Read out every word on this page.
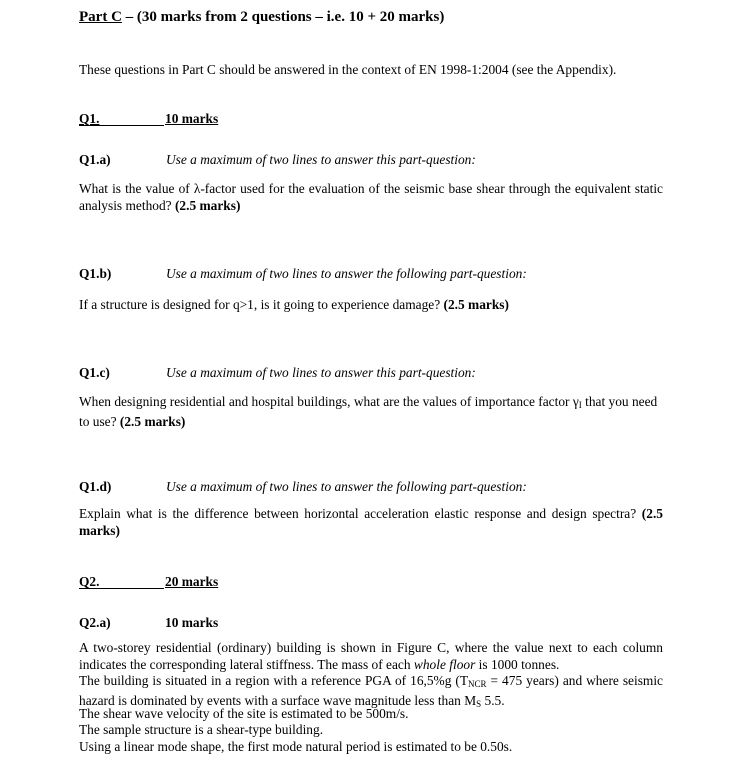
Part C – (30 marks from 2 questions – i.e. 10 + 20 marks)
These questions in Part C should be answered in the context of EN 1998-1:2004 (see the Appendix).
Q1.	10 marks
Q1.a)	Use a maximum of two lines to answer this part-question:
What is the value of λ-factor used for the evaluation of the seismic base shear through the equivalent static analysis method? (2.5 marks)
Q1.b)	Use a maximum of two lines to answer the following part-question:
If a structure is designed for q>1, is it going to experience damage? (2.5 marks)
Q1.c)	Use a maximum of two lines to answer this part-question:
When designing residential and hospital buildings, what are the values of importance factor $\gamma_I$ that you need to use? (2.5 marks)
Q1.d)	Use a maximum of two lines to answer the following part-question:
Explain what is the difference between horizontal acceleration elastic response and design spectra? (2.5 marks)
Q2.	20 marks
Q2.a)	10 marks
A two-storey residential (ordinary) building is shown in Figure C, where the value next to each column indicates the corresponding lateral stiffness. The mass of each whole floor is 1000 tonnes.
The building is situated in a region with a reference PGA of 16,5%g ($T_{NCR} = 475$ years) and where seismic hazard is dominated by events with a surface wave magnitude less than $M_S$ 5.5.
The shear wave velocity of the site is estimated to be 500m/s.
The sample structure is a shear-type building.
Using a linear mode shape, the first mode natural period is estimated to be 0.50s.
